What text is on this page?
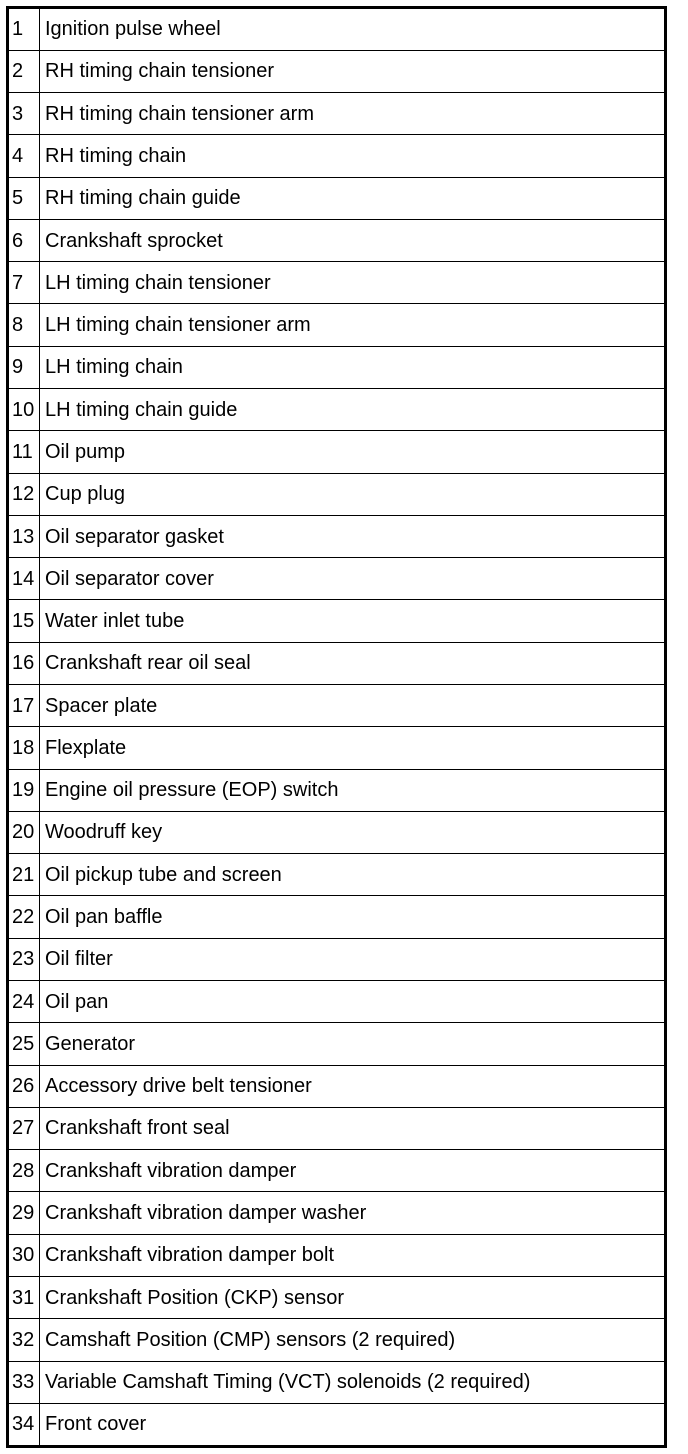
1	Ignition pulse wheel
2	RH timing chain tensioner
3	RH timing chain tensioner arm
4	RH timing chain
5	RH timing chain guide
6	Crankshaft sprocket
7	LH timing chain tensioner
8	LH timing chain tensioner arm
9	LH timing chain
10	LH timing chain guide
11	Oil pump
12	Cup plug
13	Oil separator gasket
14	Oil separator cover
15	Water inlet tube
16	Crankshaft rear oil seal
17	Spacer plate
18	Flexplate
19	Engine oil pressure (EOP) switch
20	Woodruff key
21	Oil pickup tube and screen
22	Oil pan baffle
23	Oil filter
24	Oil pan
25	Generator
26	Accessory drive belt tensioner
27	Crankshaft front seal
28	Crankshaft vibration damper
29	Crankshaft vibration damper washer
30	Crankshaft vibration damper bolt
31	Crankshaft Position (CKP) sensor
32	Camshaft Position (CMP) sensors (2 required)
33	Variable Camshaft Timing (VCT) solenoids (2 required)
34	Front cover
